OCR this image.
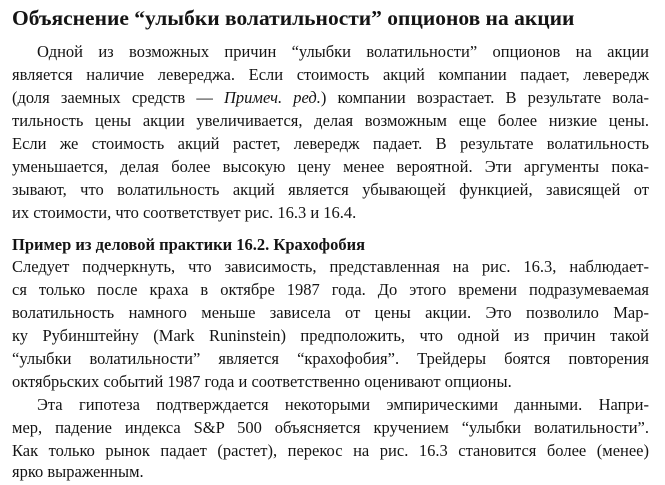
Объяснение “улыбки волатильности” опционов на акции
Одной из возможных причин “улыбки волатильности” опционов на акции
является наличие левереджа. Если стоимость акций компании падает, левередж
(доля заемных средств — Примеч. ред.) компании возрастает. В результате вола-
тильность цены акции увеличивается, делая возможным еще более низкие цены.
Если же стоимость акций растет, левередж падает. В результате волатильность
уменьшается, делая более высокую цену менее вероятной. Эти аргументы пока-
зывают, что волатильность акций является убывающей функцией, зависящей от
их стоимости, что соответствует рис. 16.3 и 16.4.
Пример из деловой практики 16.2. Крахофобия
Следует подчеркнуть, что зависимость, представленная на рис. 16.3, наблюдает-
ся только после краха в октябре 1987 года. До этого времени подразумеваемая
волатильность намного меньше зависела от цены акции. Это позволило Мар-
ку Рубинштейну (Mark Runinstein) предположить, что одной из причин такой
“улыбки волатильности” является “крахофобия”. Трейдеры боятся повторения
октябрьских событий 1987 года и соответственно оценивают опционы.
Эта гипотеза подтверждается некоторыми эмпирическими данными. Напри-
мер, падение индекса S&P 500 объясняется кручением “улыбки волатильности”.
Как только рынок падает (растет), перекос на рис. 16.3 становится более (менее)
ярко выраженным.
